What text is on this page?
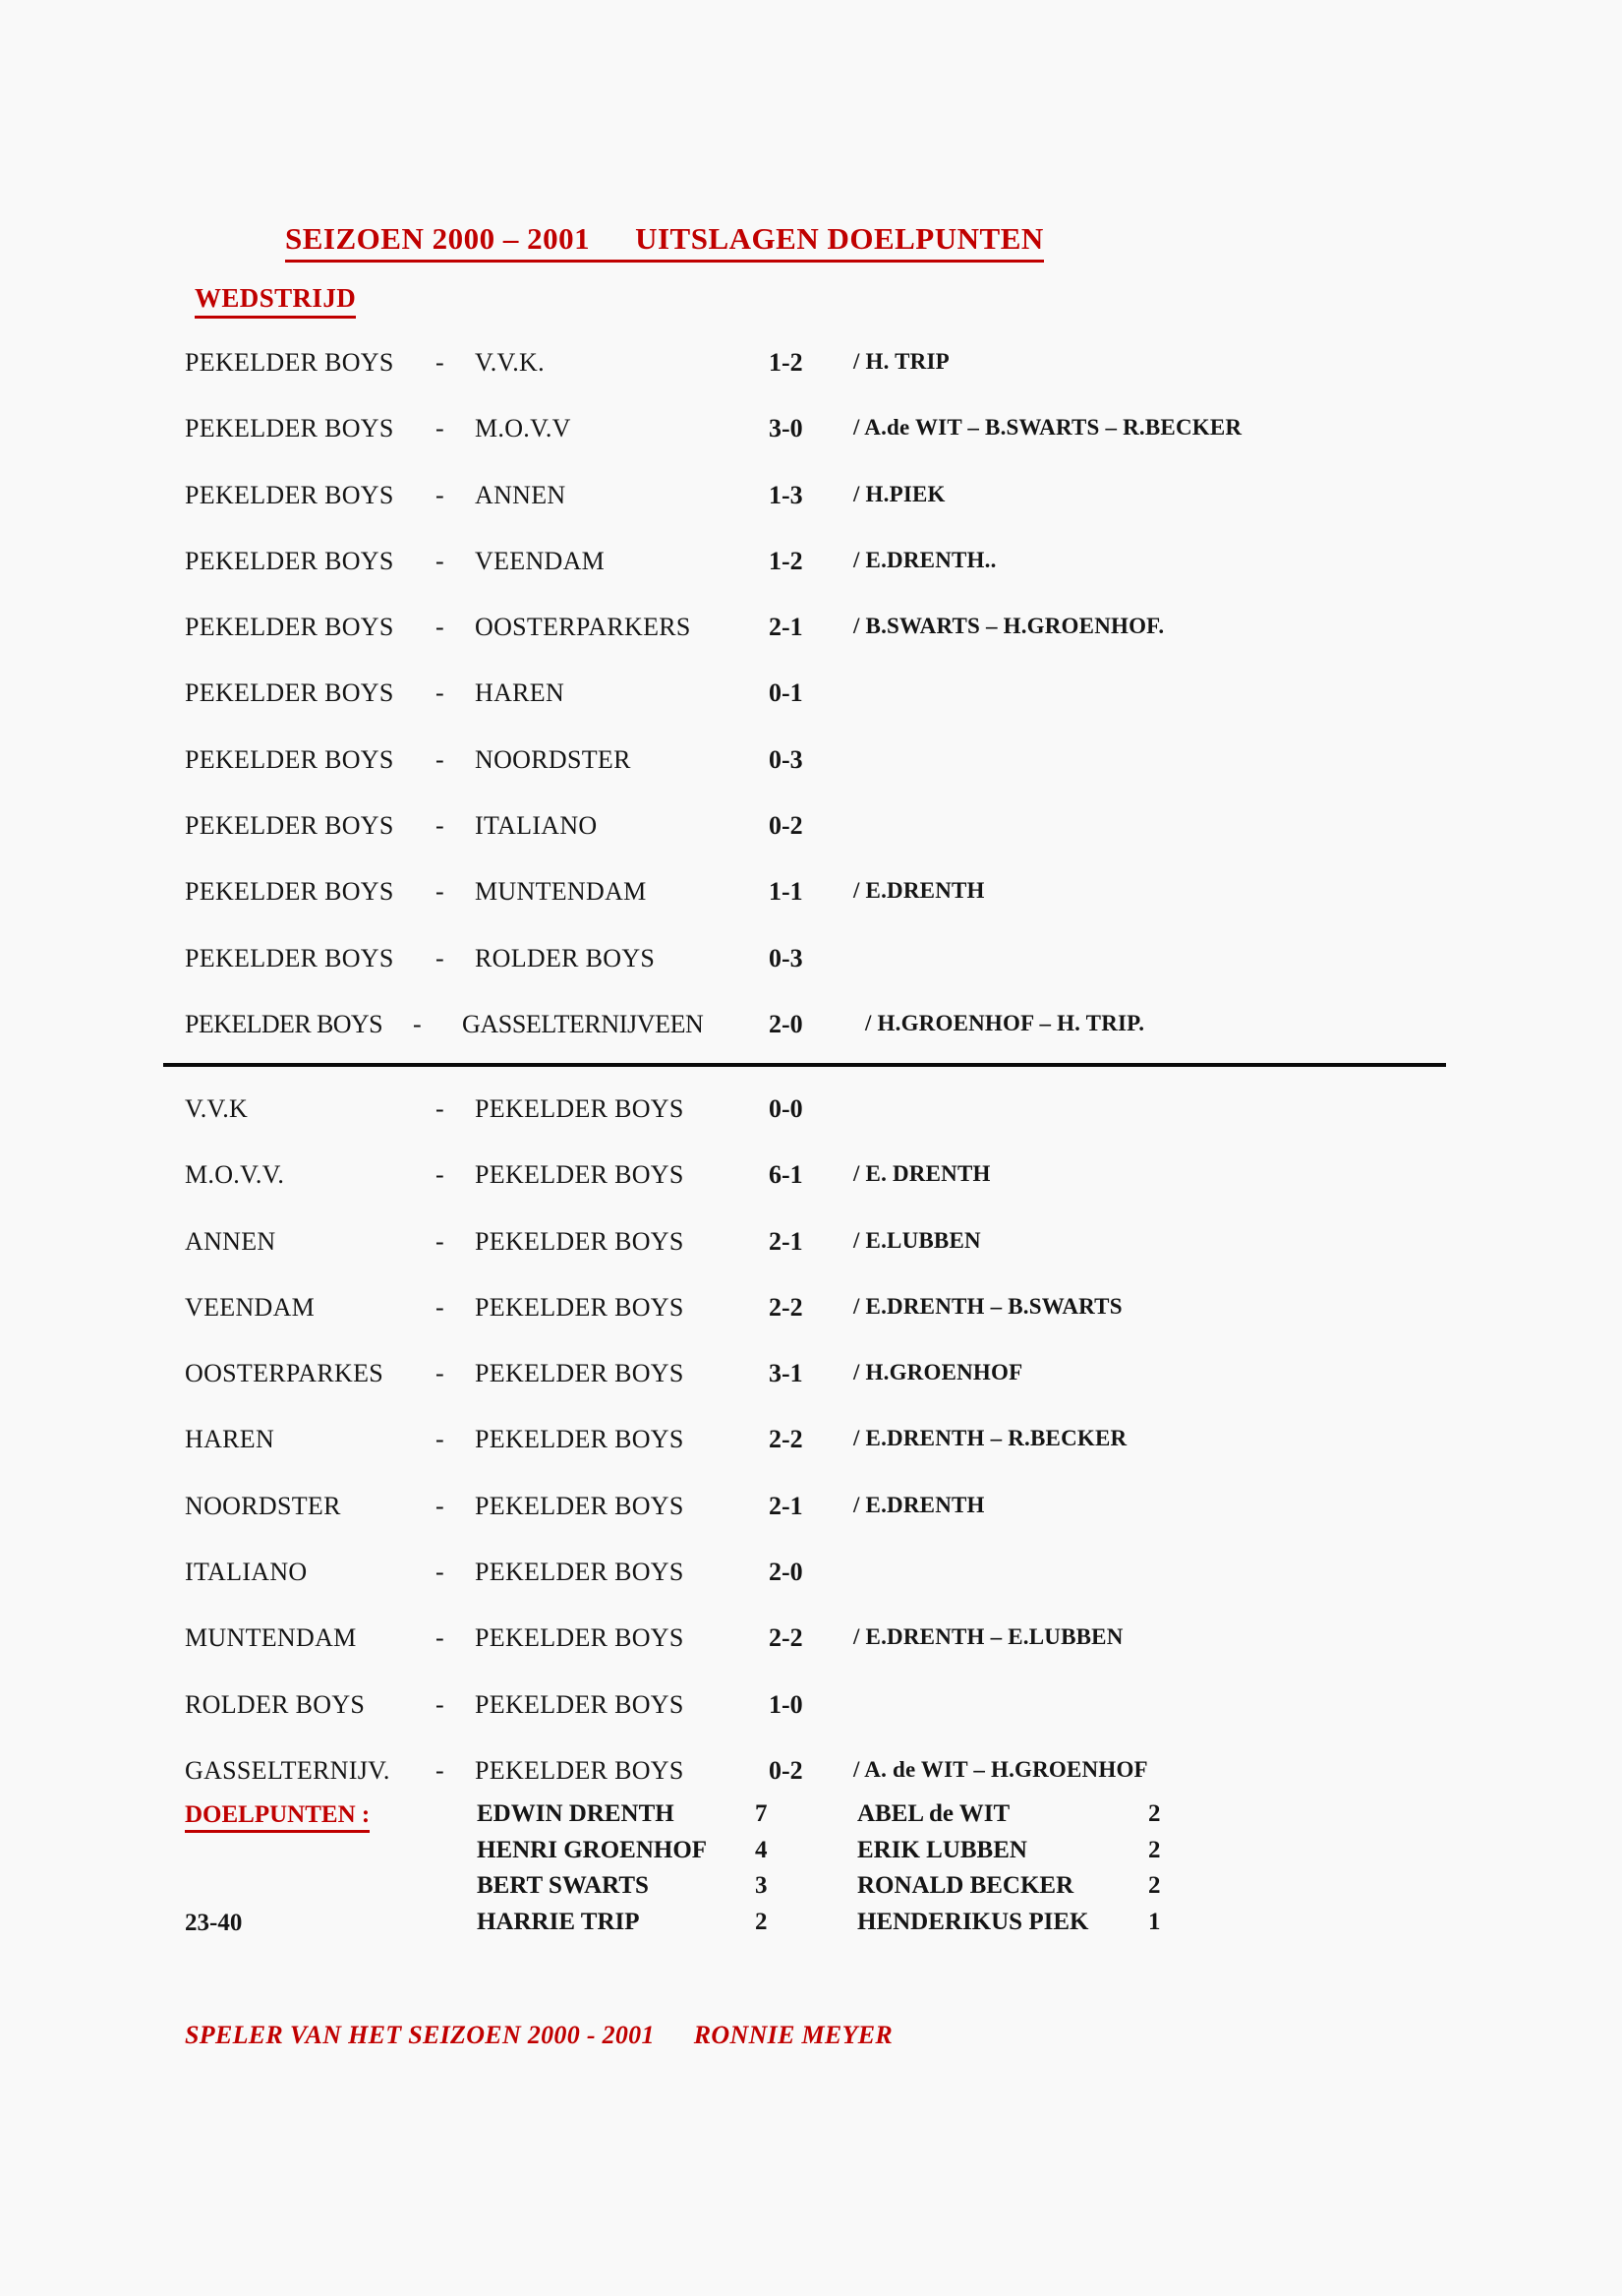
SEIZOEN 2000 – 2001 UITSLAGEN DOELPUNTEN
WEDSTRIJD
PEKELDER BOYS - V.V.K.	1-2 / H. TRIP
PEKELDER BOYS - M.O.V.V	3-0 / A.de WIT – B.SWARTS – R.BECKER
PEKELDER BOYS - ANNEN	1-3 / H.PIEK
PEKELDER BOYS - VEENDAM	1-2 / E.DRENTH..
PEKELDER BOYS - OOSTERPARKERS	2-1 / B.SWARTS – H.GROENHOF.
PEKELDER BOYS - HAREN	0-1
PEKELDER BOYS - NOORDSTER	0-3
PEKELDER BOYS - ITALIANO	0-2
PEKELDER BOYS - MUNTENDAM	1-1 / E.DRENTH
PEKELDER BOYS - ROLDER BOYS	0-3
PEKELDER BOYS - GASSELTERNIJVEEN	2-0	/ H.GROENHOF – H. TRIP.
V.V.K	- PEKELDER BOYS	0-0
M.O.V.V.	- PEKELDER BOYS	6-1 / E. DRENTH
ANNEN	- PEKELDER BOYS	2-1 / E.LUBBEN
VEENDAM	- PEKELDER BOYS	2-2 / E.DRENTH – B.SWARTS
OOSTERPARKES - PEKELDER BOYS	3-1 / H.GROENHOF
HAREN	- PEKELDER BOYS	2-2 / E.DRENTH – R.BECKER
NOORDSTER	- PEKELDER BOYS	2-1 / E.DRENTH
ITALIANO	- PEKELDER BOYS	2-0
MUNTENDAM	- PEKELDER BOYS	2-2 / E.DRENTH – E.LUBBEN
ROLDER BOYS	- PEKELDER BOYS	1-0
GASSELTERNIJV. - PEKELDER BOYS	0-2 / A. de WIT – H.GROENHOF
DOELPUNTEN :
23-40
EDWIN DRENTH	7	ABEL de WIT	2
HENRI GROENHOF 4	ERIK LUBBEN	2
BERT SWARTS	3	RONALD BECKER	2
HARRIE TRIP	2	HENDERIKUS PIEK 1
SPELER VAN HET SEIZOEN 2000 - 2001 RONNIE MEYER
